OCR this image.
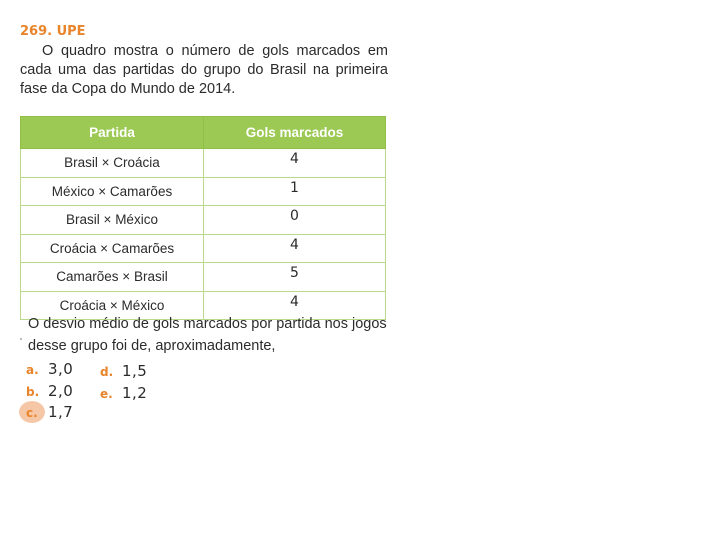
269. UPE
O quadro mostra o número de gols marcados em cada uma das partidas do grupo do Brasil na primeira fase da Copa do Mundo de 2014.
Partida	Gols marcados
Brasil × Croácia	4
México × Camarões	1
Brasil × México	0
Croácia × Camarões	4
Camarões × Brasil	5
Croácia × México	4
O desvio médio de gols marcados por partida nos jogos desse grupo foi de, aproximadamente,
a. 3,0
b. 2,0
c. 1,7
d. 1,5
e. 1,2
